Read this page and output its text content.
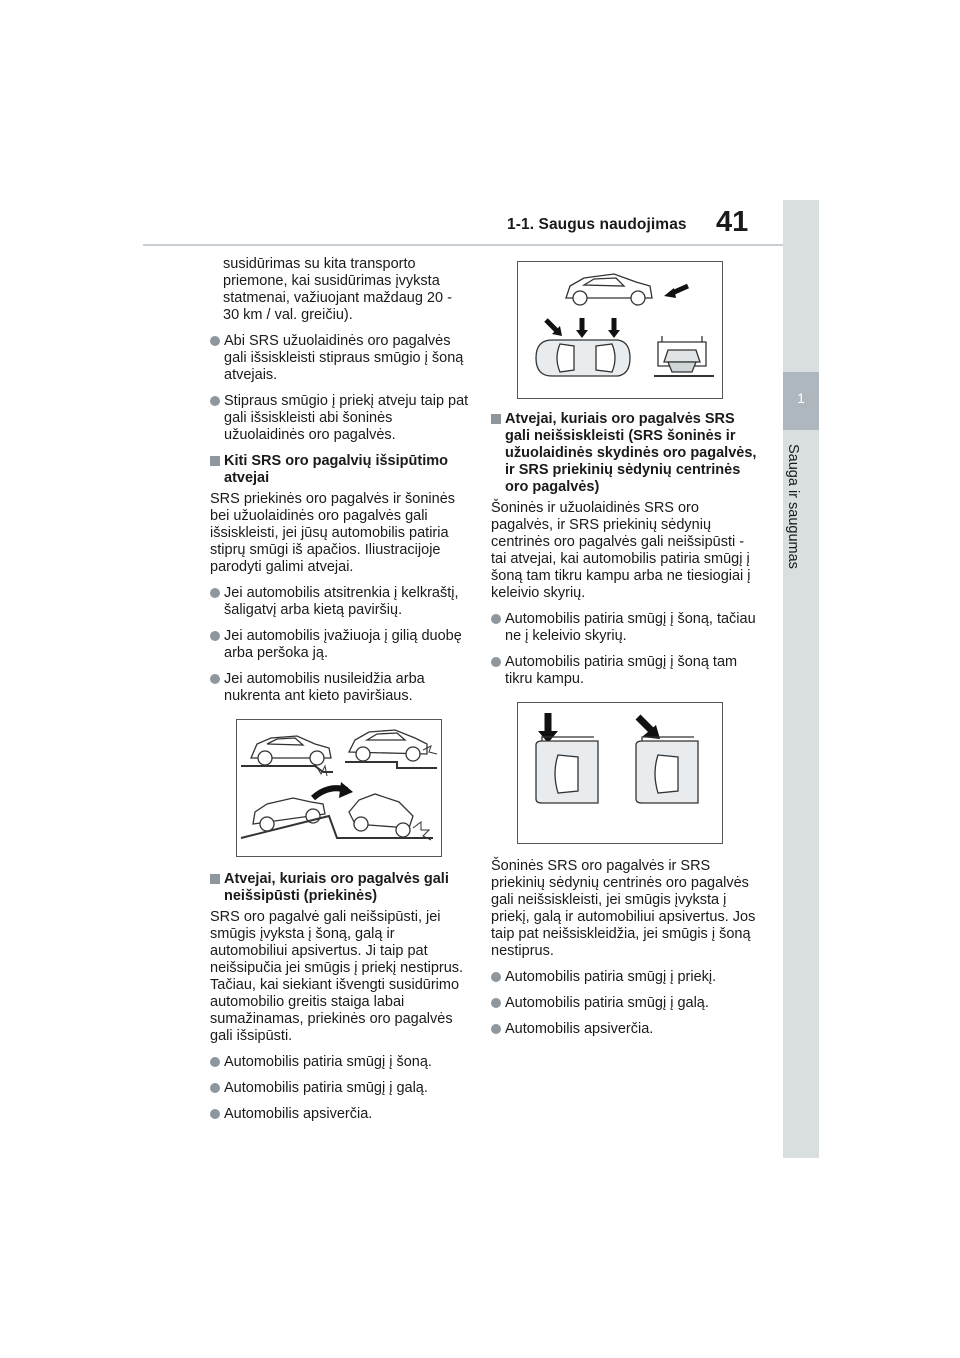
1-1. Saugus naudojimas 41
1
Sauga ir saugumas

susidūrimas su kita transporto priemone, kai susidūrimas įvyksta statmenai, važiuojant maždaug 20 - 30 km / val. greičiu).

Abi SRS užuolaidinės oro pagalvės gali išsiskleisti stipraus smūgio į šoną atvejais.
Stipraus smūgio į priekį atveju taip pat gali išsiskleisti abi šoninės užuolaidinės oro pagalvės.
Kiti SRS oro pagalvių išsipūtimo atvejai

SRS priekinės oro pagalvės ir šoninės bei užuolaidinės oro pagalvės gali išsiskleisti, jei jūsų automobilis patiria stiprų smūgi iš apačios. Iliustracijoje parodyti galimi atvejai.

Jei automobilis atsitrenkia į kelkraštį, šaligatvį arba kietą paviršių.
Jei automobilis įvažiuoja į gilią duobę arba peršoka ją.
Jei automobilis nusileidžia arba nukrenta ant kieto paviršiaus.
Atvejai, kuriais oro pagalvės gali neišsipūsti (priekinės)

SRS oro pagalvė gali neišsipūsti, jei smūgis įvyksta į šoną, galą ir automobiliui apsivertus. Ji taip pat neišsipučia jei smūgis į priekį nestiprus. Tačiau, kai siekiant išvengti susidūrimo automobilio greitis staiga labai sumažinamas, priekinės oro pagalvės gali išsipūsti.

Automobilis patiria smūgį į šoną.
Automobilis patiria smūgį į galą.
Automobilis apsiverčia.
Atvejai, kuriais oro pagalvės SRS gali neišsiskleisti (SRS šoninės ir užuolaidinės skydinės oro pagalvės, ir SRS priekinių sėdynių centrinės oro pagalvės)

Šoninės ir užuolaidinės SRS oro pagalvės, ir SRS priekinių sėdynių centrinės oro pagalvės gali neišsipūsti - tai atvejai, kai automobilis patiria smūgį į šoną tam tikru kampu arba ne tiesiogiai į keleivio skyrių.

Automobilis patiria smūgį į šoną, tačiau ne į keleivio skyrių.
Automobilis patiria smūgį į šoną tam tikru kampu.

Šoninės SRS oro pagalvės ir SRS priekinių sėdynių centrinės oro pagalvės gali neišsiskleisti, jei smūgis įvyksta į priekį, galą ir automobiliui apsivertus. Jos taip pat neišsiskleidžia, jei smūgis į šoną nestiprus.

Automobilis patiria smūgį į priekį.
Automobilis patiria smūgį į galą.
Automobilis apsiverčia.
